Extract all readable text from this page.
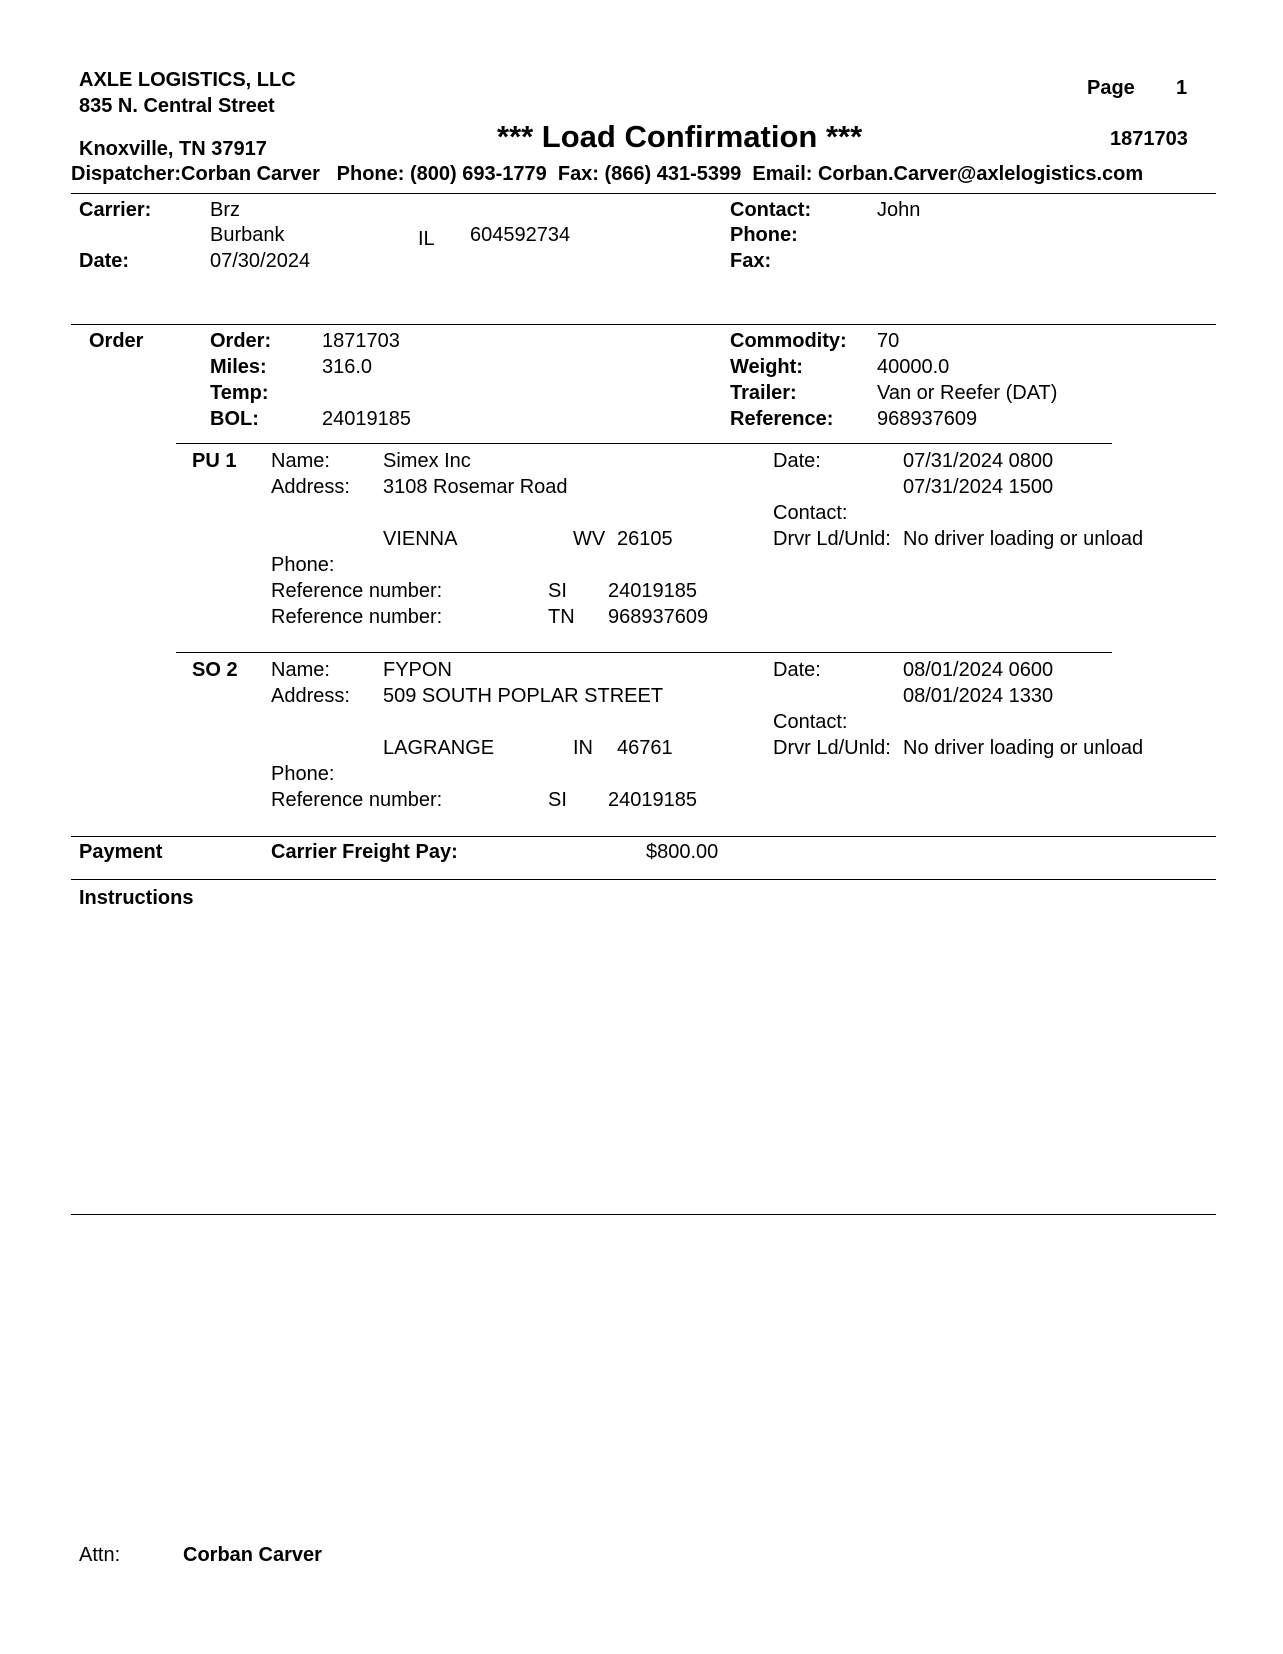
AXLE LOGISTICS, LLC
835 N. Central Street
Knoxville, TN 37917	*** Load Confirmation ***
Page 1
1871703
Dispatcher:Corban Carver   Phone: (800) 693-1779  Fax: (866) 431-5399  Email: Corban.Carver@axlelogistics.com
Carrier:	Brz
Burbank	IL 604592734
Date:	07/30/2024
Contact:	John
Phone:
Fax:
Order	Order:	1871703
Miles:	316.0
Temp:
BOL:	24019185
Commodity: 70
Weight:	40000.0
Trailer:	Van or Reefer (DAT)
Reference: 968937609
PU 1 Name:	Simex Inc
Address: 3108 Rosemar Road
VIENNA	WV 26105
Phone:
Reference number:	SI 24019185
Reference number:	TN 968937609
Date:	07/31/2024 0800
07/31/2024 1500
Contact:
Drvr Ld/Unld: No driver loading or unload
SO 2 Name:	FYPON
Address: 509 SOUTH POPLAR STREET
LAGRANGE	IN 46761
Phone:
Reference number:	SI 24019185
Date:	08/01/2024 0600
08/01/2024 1330
Contact:
Drvr Ld/Unld: No driver loading or unload
Payment	Carrier Freight Pay:	$800.00
Instructions
Attn:	Corban Carver
